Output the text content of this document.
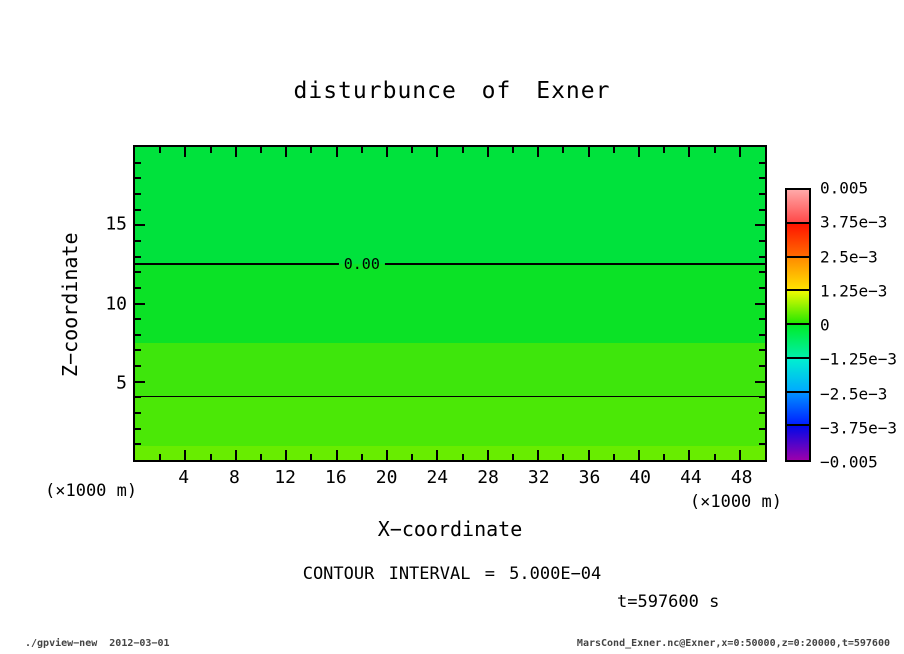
disturbunce of Exner
0.00
4 8 12 16 20 24 28 32 36 40 44 48
5
10
15
X−coordinate
Z−coordinate
(×1000 m)
(×1000 m)
0.005
3.75e−3
2.5e−3
1.25e−3
0
−1.25e−3
−2.5e−3
−3.75e−3
−0.005
CONTOUR INTERVAL = 5.000E−04
t=597600 s
./gpview−new  2012−03−01	MarsCond_Exner.nc@Exner,x=0:50000,z=0:20000,t=597600
